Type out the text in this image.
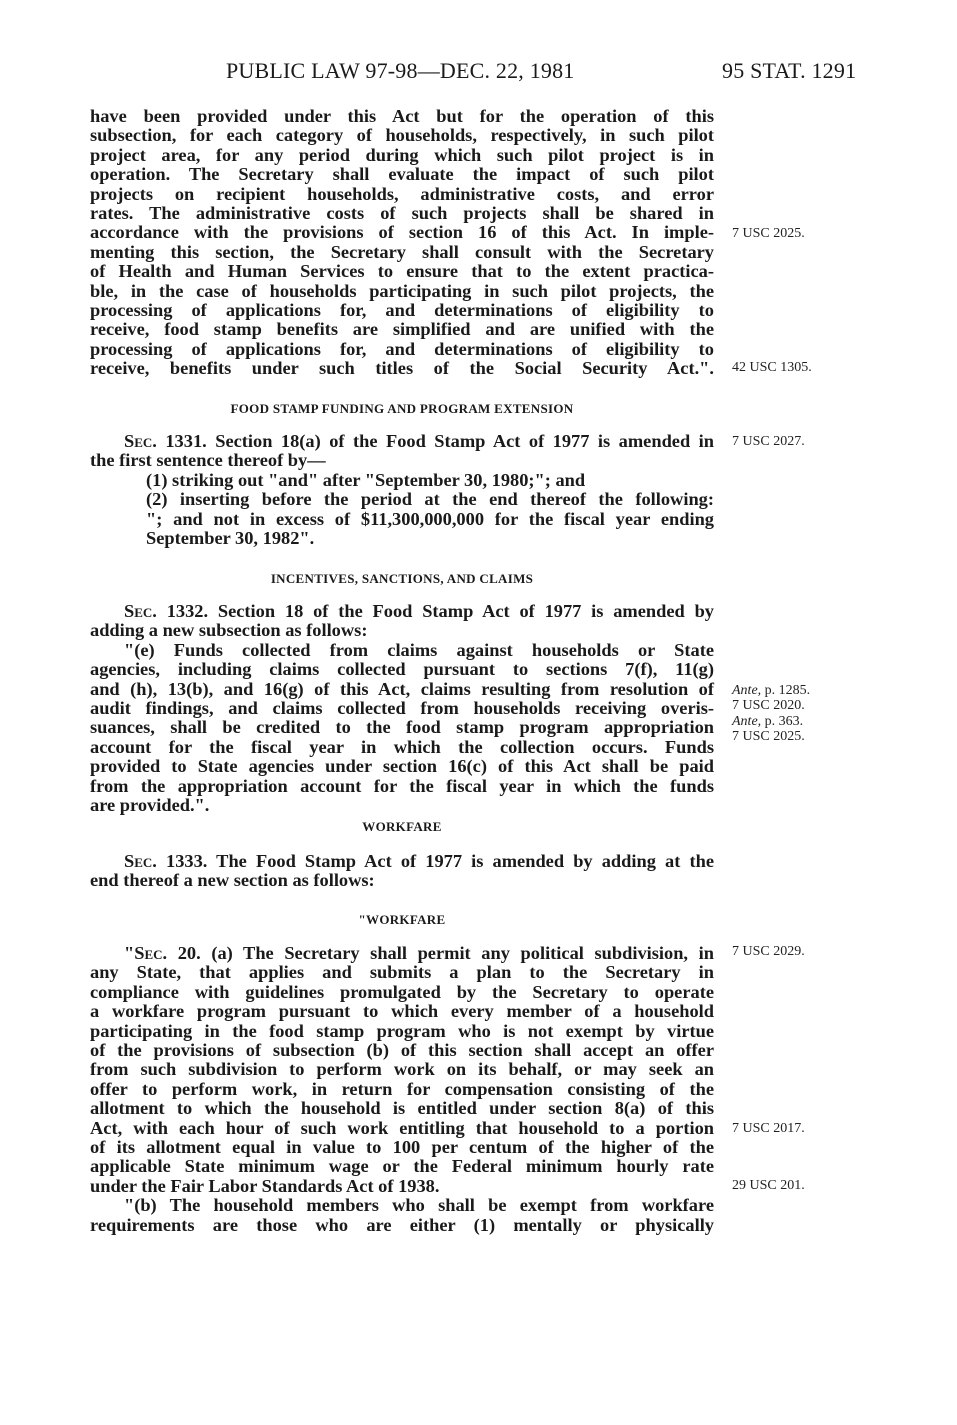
PUBLIC LAW 97-98—DEC. 22, 1981	95 STAT. 1291
have been provided under this Act but for the operation of this
subsection, for each category of households, respectively, in such pilot
project area, for any period during which such pilot project is in
operation. The Secretary shall evaluate the impact of such pilot
projects on recipient households, administrative costs, and error
rates. The administrative costs of such projects shall be shared in
accordance with the provisions of section 16 of this Act. In imple-
menting this section, the Secretary shall consult with the Secretary
of Health and Human Services to ensure that to the extent practica-
ble, in the case of households participating in such pilot projects, the
processing of applications for, and determinations of eligibility to
receive, food stamp benefits are simplified and are unified with the
processing of applications for, and determinations of eligibility to
receive, benefits under such titles of the Social Security Act.".
FOOD STAMP FUNDING AND PROGRAM EXTENSION
Sec. 1331. Section 18(a) of the Food Stamp Act of 1977 is amended in
the first sentence thereof by—
(1) striking out "and" after "September 30, 1980;"; and
(2) inserting before the period at the end thereof the following:
"; and not in excess of $11,300,000,000 for the fiscal year ending
September 30, 1982".
INCENTIVES, SANCTIONS, AND CLAIMS
Sec. 1332. Section 18 of the Food Stamp Act of 1977 is amended by
adding a new subsection as follows:
"(e) Funds collected from claims against households or State
agencies, including claims collected pursuant to sections 7(f), 11(g)
and (h), 13(b), and 16(g) of this Act, claims resulting from resolution of
audit findings, and claims collected from households receiving overis-
suances, shall be credited to the food stamp program appropriation
account for the fiscal year in which the collection occurs. Funds
provided to State agencies under section 16(c) of this Act shall be paid
from the appropriation account for the fiscal year in which the funds
are provided.".
WORKFARE
Sec. 1333. The Food Stamp Act of 1977 is amended by adding at the
end thereof a new section as follows:
"WORKFARE
"Sec. 20. (a) The Secretary shall permit any political subdivision, in
any State, that applies and submits a plan to the Secretary in
compliance with guidelines promulgated by the Secretary to operate
a workfare program pursuant to which every member of a household
participating in the food stamp program who is not exempt by virtue
of the provisions of subsection (b) of this section shall accept an offer
from such subdivision to perform work on its behalf, or may seek an
offer to perform work, in return for compensation consisting of the
allotment to which the household is entitled under section 8(a) of this
Act, with each hour of such work entitling that household to a portion
of its allotment equal in value to 100 per centum of the higher of the
applicable State minimum wage or the Federal minimum hourly rate
under the Fair Labor Standards Act of 1938.
"(b) The household members who shall be exempt from workfare
requirements are those who are either (1) mentally or physically
7 USC 2025.
42 USC 1305.
7 USC 2027.
Ante, p. 1285.
7 USC 2020.
Ante, p. 363.
7 USC 2025.
7 USC 2029.
7 USC 2017.
29 USC 201.
